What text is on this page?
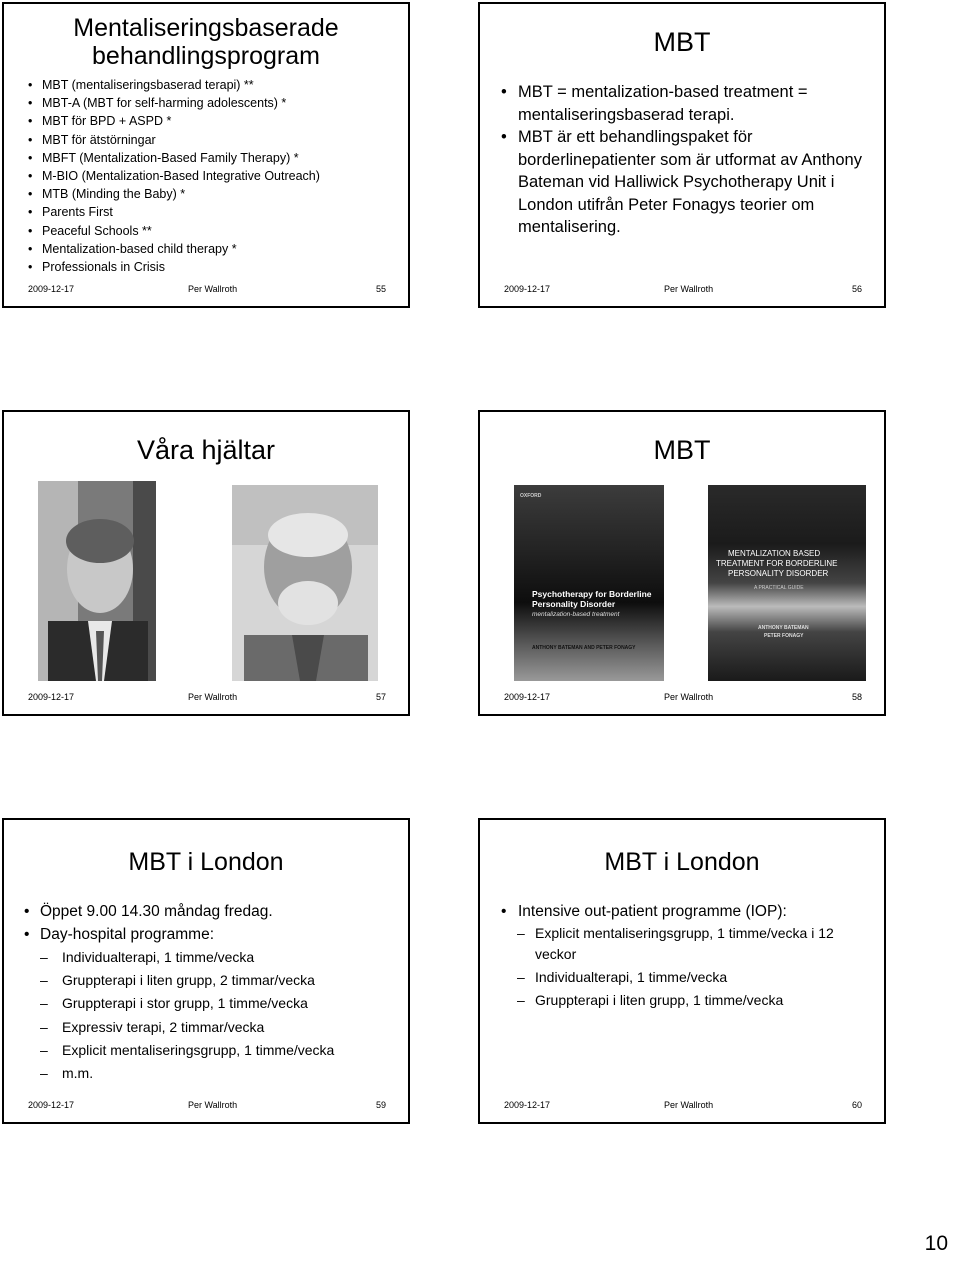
Mentaliseringsbaserade
behandlingsprogram
• MBT (mentaliseringsbaserad terapi) **
• MBT-A (MBT for self-harming adolescents) *
• MBT för BPD + ASPD *
• MBT för ätstörningar
• MBFT (Mentalization-Based Family Therapy) *
• M-BIO (Mentalization-Based Integrative Outreach)
• MTB (Minding the Baby) *
• Parents First
• Peaceful Schools **
• Mentalization-based child therapy *
• Professionals in Crisis
2009-12-17	Per Wallroth	55
MBT
• MBT = mentalization-based treatment = mentaliseringsbaserad terapi.
• MBT är ett behandlingspaket för borderlinepatienter som är utformat av Anthony Bateman vid Halliwick Psychotherapy Unit i London utifrån Peter Fonagys teorier om mentalisering.
2009-12-17	Per Wallroth	56
Våra hjältar
2009-12-17	Per Wallroth	57
MBT
OXFORD
Psychotherapy for Borderline
Personality Disorder
mentalization-based treatment
ANTHONY BATEMAN AND PETER FONAGY
MENTALIZATION BASED
TREATMENT FOR BORDERLINE
PERSONALITY DISORDER
A PRACTICAL GUIDE
ANTHONY BATEMAN
PETER FONAGY
2009-12-17	Per Wallroth	58
MBT i London
• Öppet 9.00 14.30 måndag fredag.
• Day-hospital programme:
– Individualterapi, 1 timme/vecka
– Gruppterapi i liten grupp, 2 timmar/vecka
– Gruppterapi i stor grupp, 1 timme/vecka
– Expressiv terapi, 2 timmar/vecka
– Explicit mentaliseringsgrupp, 1 timme/vecka
– m.m.
2009-12-17	Per Wallroth	59
MBT i London
• Intensive out-patient programme (IOP):
– Explicit mentaliseringsgrupp, 1 timme/vecka i 12 veckor
– Individualterapi, 1 timme/vecka
– Gruppterapi i liten grupp, 1 timme/vecka
2009-12-17	Per Wallroth	60
10
